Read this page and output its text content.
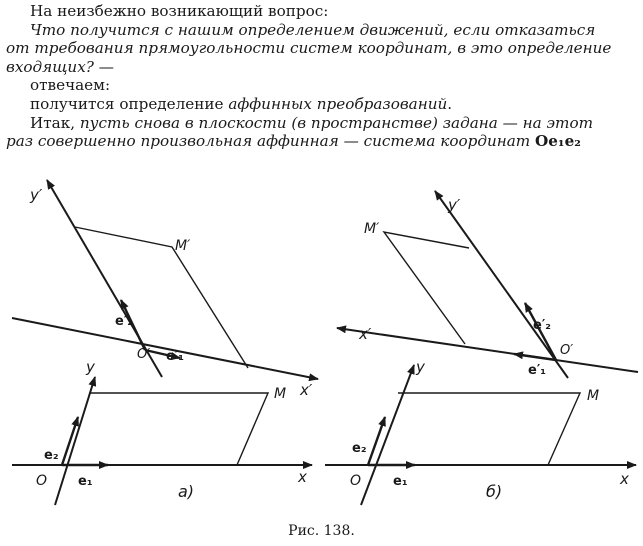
На неизбежно возникающий вопрос:
Что получится с нашим определением движений, если отказаться
от требования прямоугольности систем координат, в это определение
входящих? —
отвечаем:
получится определение аффинных преобразований.
Итак, пусть снова в плоскости (в пространстве) задана — на этот
раз совершенно произвольная аффинная — система координат Oe₁e₂
y′
M′
e′₂
O′ e′₁
x′
y
M
e₂
e₁
O	x
а)
y′
M′
e′₂
x′
O′
e′₁
y
M
e₂
e₁
O	x
б)
Рис. 138.
